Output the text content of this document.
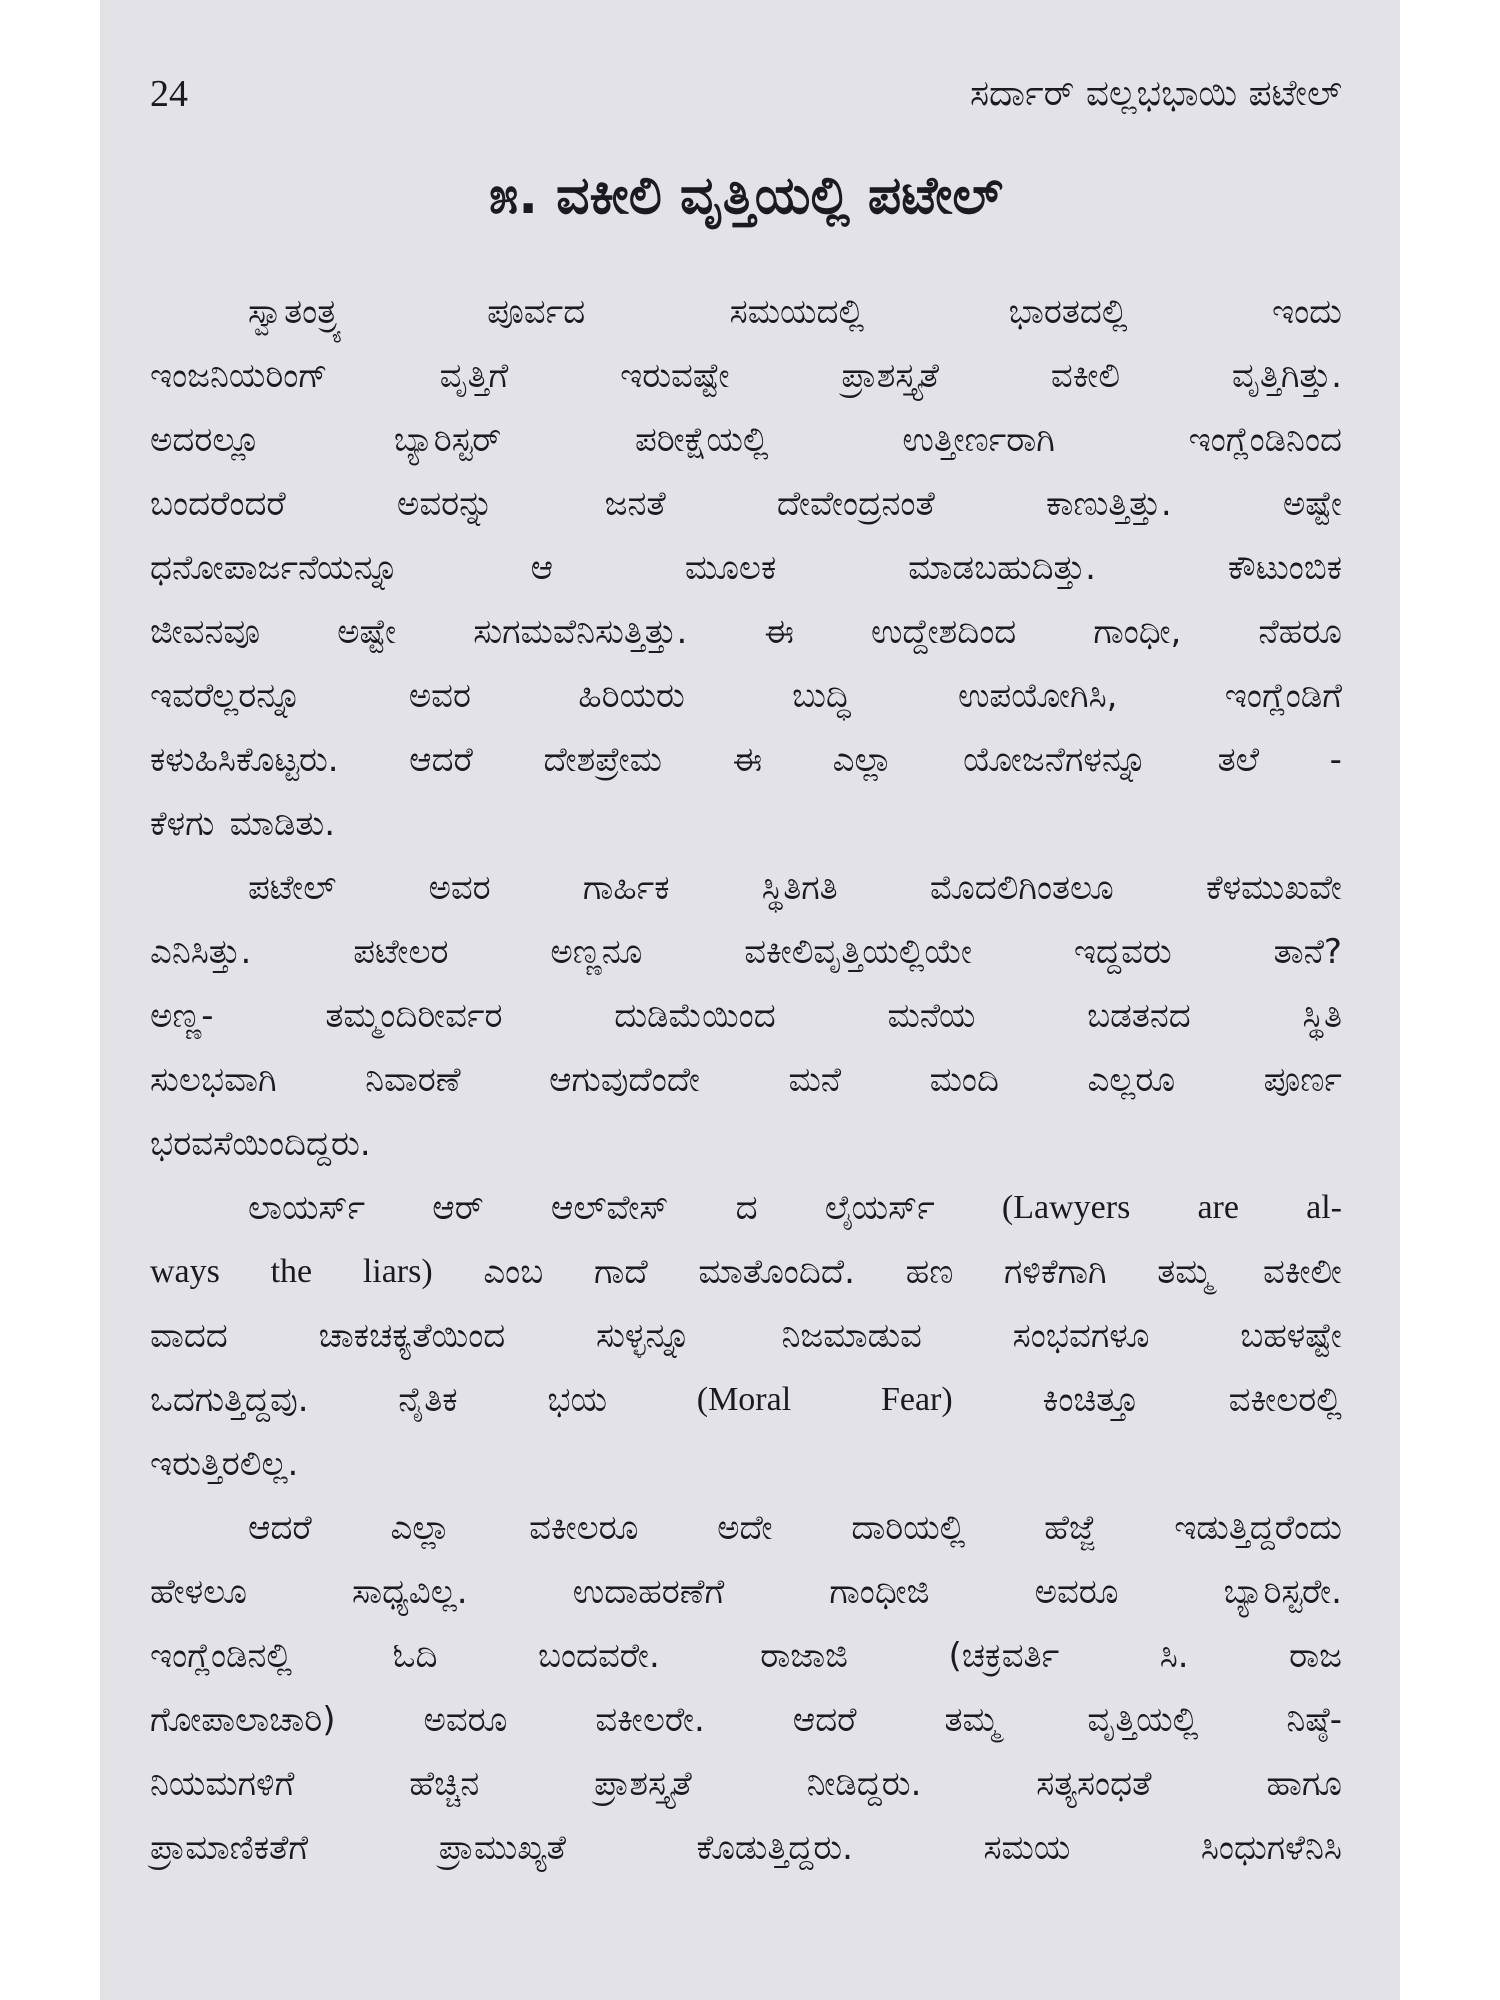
24	ಸರ್ದಾರ್ ವಲ್ಲಭಭಾಯಿ ಪಟೇಲ್
೫. ವಕೀಲಿ ವೃತ್ತಿಯಲ್ಲಿ ಪಟೇಲ್
ಸ್ವಾತಂತ್ರ್ಯ	ಪೂರ್ವದ	ಸಮಯದಲ್ಲಿ	ಭಾರತದಲ್ಲಿ	ಇಂದು
ಇಂಜನಿಯರಿಂಗ್	ವೃತ್ತಿಗೆ	ಇರುವಷ್ಟೇ	ಪ್ರಾಶಸ್ತ್ಯತೆ	ವಕೀಲಿ	ವೃತ್ತಿಗಿತ್ತು.
ಅದರಲ್ಲೂ	ಬ್ಯಾರಿಸ್ಟರ್	ಪರೀಕ್ಷೆಯಲ್ಲಿ	ಉತ್ತೀರ್ಣರಾಗಿ	ಇಂಗ್ಲೆಂಡಿನಿಂದ
ಬಂದರೆಂದರೆ	ಅವರನ್ನು	ಜನತೆ	ದೇವೇಂದ್ರನಂತೆ	ಕಾಣುತ್ತಿತ್ತು.	ಅಷ್ಟೇ
ಧನೋಪಾರ್ಜನೆಯನ್ನೂ	ಆ	ಮೂಲಕ	ಮಾಡಬಹುದಿತ್ತು.	ಕೌಟುಂಬಿಕ
ಜೀವನವೂ ಅಷ್ಟೇ ಸುಗಮವೆನಿಸುತ್ತಿತ್ತು. ಈ ಉದ್ದೇಶದಿಂದ ಗಾಂಧೀ, ನೆಹರೂ
ಇವರೆಲ್ಲರನ್ನೂ	ಅವರ	ಹಿರಿಯರು	ಬುದ್ಧಿ	ಉಪಯೋಗಿಸಿ,	ಇಂಗ್ಲೆಂಡಿಗೆ
ಕಳುಹಿಸಿಕೊಟ್ಟರು. ಆದರೆ ದೇಶಪ್ರೇಮ ಈ ಎಲ್ಲಾ ಯೋಜನೆಗಳನ್ನೂ ತಲೆ -
ಕೆಳಗು ಮಾಡಿತು.
ಪಟೇಲ್	ಅವರ	ಗಾರ್ಹಿಕ	ಸ್ಥಿತಿಗತಿ	ಮೊದಲಿಗಿಂತಲೂ	ಕೆಳಮುಖವೇ
ಎನಿಸಿತ್ತು.	ಪಟೇಲರ	ಅಣ್ಣನೂ	ವಕೀಲಿವೃತ್ತಿಯಲ್ಲಿಯೇ	ಇದ್ದವರು	ತಾನೆ?
ಅಣ್ಣ-	ತಮ್ಮಂದಿರೀರ್ವರ	ದುಡಿಮೆಯಿಂದ	ಮನೆಯ	ಬಡತನದ	ಸ್ಥಿತಿ
ಸುಲಭವಾಗಿ	ನಿವಾರಣೆ	ಆಗುವುದೆಂದೇ	ಮನೆ	ಮಂದಿ	ಎಲ್ಲರೂ	ಪೂರ್ಣ
ಭರವಸೆಯಿಂದಿದ್ದರು.
ಲಾಯರ್ಸ್ ಆರ್ ಆಲ್‌ವೇಸ್ ದ ಲೈಯರ್ಸ್ (Lawyers are al-
ways the liars) ಎಂಬ ಗಾದೆ ಮಾತೊಂದಿದೆ. ಹಣ ಗಳಿಕೆಗಾಗಿ ತಮ್ಮ ವಕೀಲೀ
ವಾದದ	ಚಾಕಚಕ್ಯತೆಯಿಂದ	ಸುಳ್ಳನ್ನೂ	ನಿಜಮಾಡುವ	ಸಂಭವಗಳೂ	ಬಹಳಷ್ಟೇ
ಒದಗುತ್ತಿದ್ದವು.	ನೈತಿಕ	ಭಯ	(Moral	Fear)	ಕಿಂಚಿತ್ತೂ	ವಕೀಲರಲ್ಲಿ
ಇರುತ್ತಿರಲಿಲ್ಲ.
ಆದರೆ ಎಲ್ಲಾ ವಕೀಲರೂ ಅದೇ ದಾರಿಯಲ್ಲಿ ಹೆಜ್ಜೆ ಇಡುತ್ತಿದ್ದರೆಂದು
ಹೇಳಲೂ	ಸಾಧ್ಯವಿಲ್ಲ.	ಉದಾಹರಣೆಗೆ	ಗಾಂಧೀಜಿ	ಅವರೂ	ಬ್ಯಾರಿಸ್ಟರೇ.
ಇಂಗ್ಲೆಂಡಿನಲ್ಲಿ	ಓದಿ	ಬಂದವರೇ.	ರಾಜಾಜಿ	(ಚಕ್ರವರ್ತಿ	ಸಿ.	ರಾಜ
ಗೋಪಾಲಾಚಾರಿ)	ಅವರೂ	ವಕೀಲರೇ.	ಆದರೆ	ತಮ್ಮ	ವೃತ್ತಿಯಲ್ಲಿ	ನಿಷ್ಠೆ-
ನಿಯಮಗಳಿಗೆ	ಹೆಚ್ಚಿನ	ಪ್ರಾಶಸ್ತ್ಯತೆ	ನೀಡಿದ್ದರು.	ಸತ್ಯಸಂಧತೆ	ಹಾಗೂ
ಪ್ರಾಮಾಣಿಕತೆಗೆ	ಪ್ರಾಮುಖ್ಯತೆ	ಕೊಡುತ್ತಿದ್ದರು.	ಸಮಯ	ಸಿಂಧುಗಳೆನಿಸಿ
